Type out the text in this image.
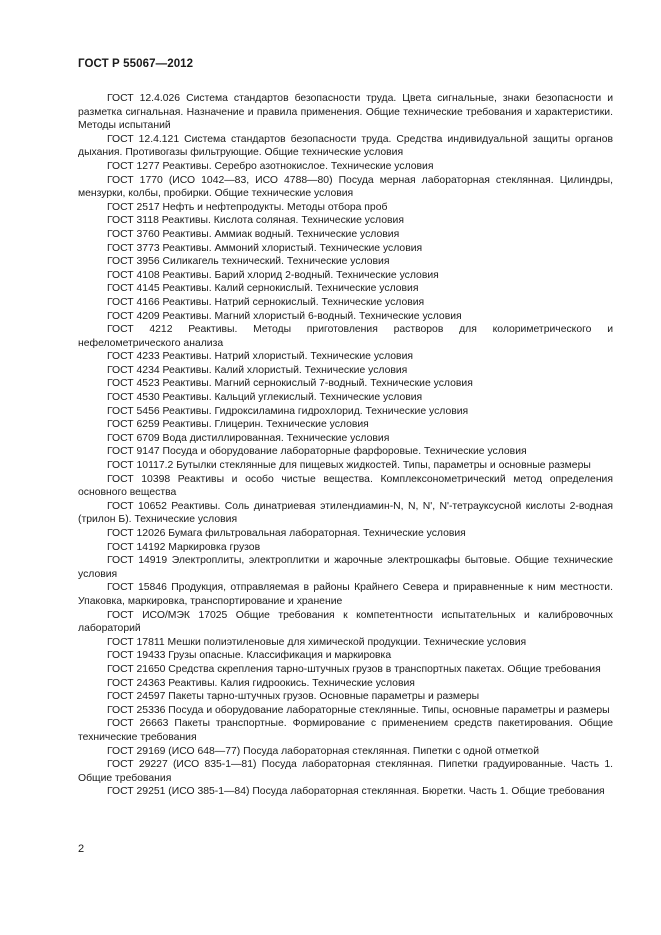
ГОСТ Р 55067—2012

ГОСТ 12.4.026 Система стандартов безопасности труда. Цвета сигнальные, знаки безопасности и разметка сигнальная. Назначение и правила применения. Общие технические требования и характеристики. Методы испытаний

ГОСТ 12.4.121 Система стандартов безопасности труда. Средства индивидуальной защиты органов дыхания. Противогазы фильтрующие. Общие технические условия

ГОСТ 1277 Реактивы. Серебро азотнокислое. Технические условия

ГОСТ 1770 (ИСО 1042—83, ИСО 4788—80) Посуда мерная лабораторная стеклянная. Цилиндры, мензурки, колбы, пробирки. Общие технические условия

ГОСТ 2517 Нефть и нефтепродукты. Методы отбора проб

ГОСТ 3118 Реактивы. Кислота соляная. Технические условия

ГОСТ 3760 Реактивы. Аммиак водный. Технические условия

ГОСТ 3773 Реактивы. Аммоний хлористый. Технические условия

ГОСТ 3956 Силикагель технический. Технические условия

ГОСТ 4108 Реактивы. Барий хлорид 2-водный. Технические условия

ГОСТ 4145 Реактивы. Калий сернокислый. Технические условия

ГОСТ 4166 Реактивы. Натрий сернокислый. Технические условия

ГОСТ 4209 Реактивы. Магний хлористый 6-водный. Технические условия

ГОСТ 4212 Реактивы. Методы приготовления растворов для колориметрического и нефелометрического анализа

ГОСТ 4233 Реактивы. Натрий хлористый. Технические условия

ГОСТ 4234 Реактивы. Калий хлористый. Технические условия

ГОСТ 4523 Реактивы. Магний сернокислый 7-водный. Технические условия

ГОСТ 4530 Реактивы. Кальций углекислый. Технические условия

ГОСТ 5456 Реактивы. Гидроксиламина гидрохлорид. Технические условия

ГОСТ 6259 Реактивы. Глицерин. Технические условия

ГОСТ 6709 Вода дистиллированная. Технические условия

ГОСТ 9147 Посуда и оборудование лабораторные фарфоровые. Технические условия

ГОСТ 10117.2 Бутылки стеклянные для пищевых жидкостей. Типы, параметры и основные размеры

ГОСТ 10398 Реактивы и особо чистые вещества. Комплексонометрический метод определения основного вещества

ГОСТ 10652 Реактивы. Соль динатриевая этилендиамин-N, N, N', N'-тетрауксусной кислоты 2-водная (трилон Б). Технические условия

ГОСТ 12026 Бумага фильтровальная лабораторная. Технические условия

ГОСТ 14192 Маркировка грузов

ГОСТ 14919 Электроплиты, электроплитки и жарочные электрошкафы бытовые. Общие технические условия

ГОСТ 15846 Продукция, отправляемая в районы Крайнего Севера и приравненные к ним местности. Упаковка, маркировка, транспортирование и хранение

ГОСТ ИСО/МЭК 17025 Общие требования к компетентности испытательных и калибровочных лабораторий

ГОСТ 17811 Мешки полиэтиленовые для химической продукции. Технические условия

ГОСТ 19433 Грузы опасные. Классификация и маркировка

ГОСТ 21650 Средства скрепления тарно-штучных грузов в транспортных пакетах. Общие требования

ГОСТ 24363 Реактивы. Калия гидроокись. Технические условия

ГОСТ 24597 Пакеты тарно-штучных грузов. Основные параметры и размеры

ГОСТ 25336 Посуда и оборудование лабораторные стеклянные. Типы, основные параметры и размеры

ГОСТ 26663 Пакеты транспортные. Формирование с применением средств пакетирования. Общие технические требования

ГОСТ 29169 (ИСО 648—77) Посуда лабораторная стеклянная. Пипетки с одной отметкой

ГОСТ 29227 (ИСО 835-1—81) Посуда лабораторная стеклянная. Пипетки градуированные. Часть 1. Общие требования

ГОСТ 29251 (ИСО 385-1—84) Посуда лабораторная стеклянная. Бюретки. Часть 1. Общие требования

2
